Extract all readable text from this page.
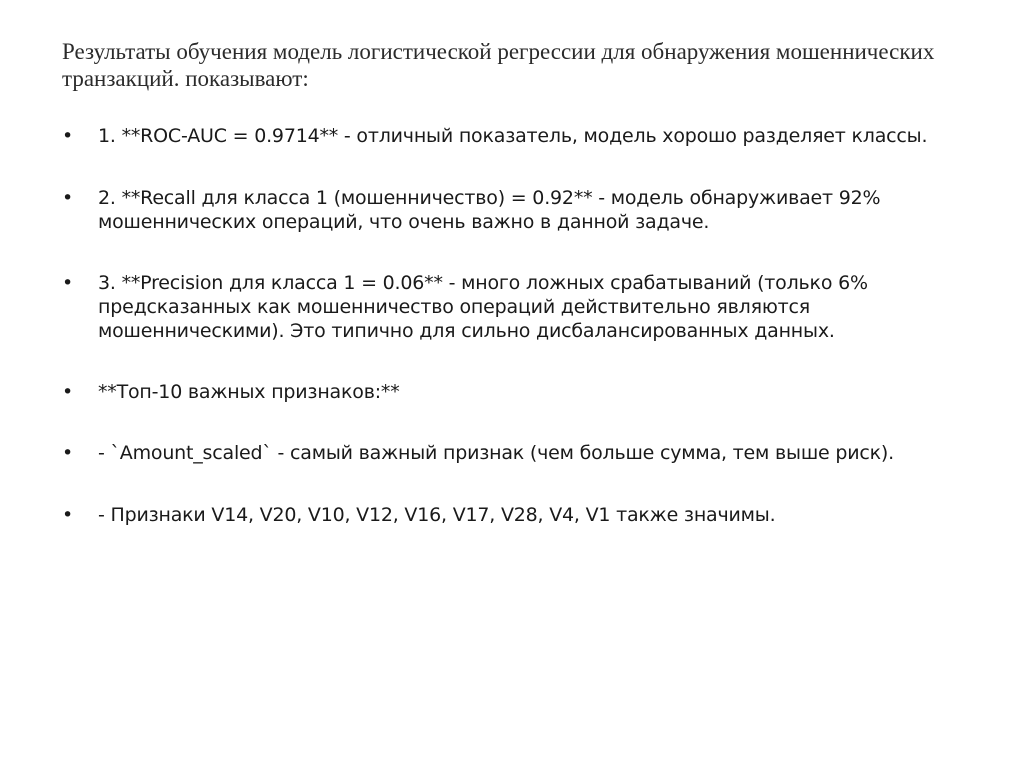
Результаты обучения модель логистической регрессии для обнаружения мошеннических транзакций. показывают:
•	1. **ROC-AUC = 0.9714** - отличный показатель, модель хорошо разделяет классы.
•	2. **Recall для класса 1 (мошенничество) = 0.92** - модель обнаруживает 92% мошеннических операций, что очень важно в данной задаче.
•	3. **Precision для класса 1 = 0.06** - много ложных срабатываний (только 6% предсказанных как мошенничество операций действительно являются мошенническими). Это типично для сильно дисбалансированных данных.
•	**Топ-10 важных признаков:**
•	- `Amount_scaled` - самый важный признак (чем больше сумма, тем выше риск).
•	- Признаки V14, V20, V10, V12, V16, V17, V28, V4, V1 также значимы.
